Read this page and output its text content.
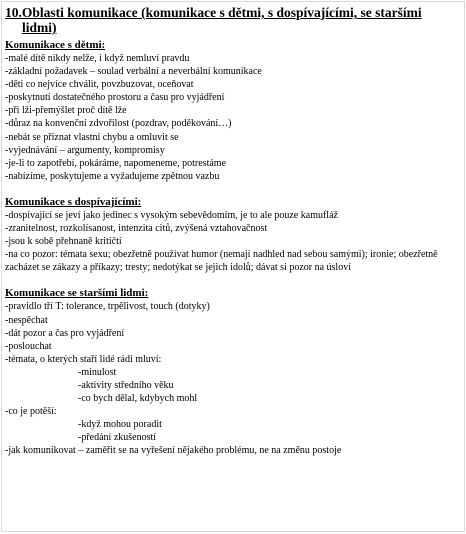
10.Oblasti komunikace (komunikace s dětmi, s dospívajícími, se staršími
lidmi)
Komunikace s dětmi:
-malé dítě nikdy nelže, i když nemluví pravdu
-základní požadavek – soulad verbální a neverbální komunikace
-děti co nejvíce chválit, povzbuzovat, oceňovat
-poskytnutí dostatečného prostoru a času pro vyjádření
-při lži-přemýšlet proč dítě lže
-důraz na konvenční zdvořilost (pozdrav, poděkování…)
-nebát se přiznat vlastní chybu a omluvit se
-vyjednávání – argumenty, kompromisy
-je-li to zapotřebí, pokáráme, napomeneme, potrestáme
-nabízíme, poskytujeme a vyžadujeme zpětnou vazbu
Komunikace s dospívajícími:
-dospívající se jeví jako jedinec s vysokým sebevědomím, je to ale pouze kamufláž
-zranitelnost, rozkolísanost, intenzita citů, zvýšená vztahovačnost
-jsou k sobě přehnaně kritičtí
-na co pozor: témata sexu; obezřetně používat humor (nemají nadhled nad sebou samými); ironie; obezřetně zacházet se zákazy a příkazy; tresty; nedotýkat se jejich idolů; dávat si pozor na úsloví
Komunikace se staršími lidmi:
-pravidlo tří T: tolerance, trpělivost, touch (dotyky)
-nespěchat
-dát pozor a čas pro vyjádření
-poslouchat
-témata, o kterých staří lidé rádi mluví:
-minulost
-aktivity středního věku
-co bych dělal, kdybych mohl
-co je potěší:
-když mohou poradit
-předání zkušeností
-jak komunikovat – zaměřit se na vyřešení nějakého problému, ne na změnu postoje
